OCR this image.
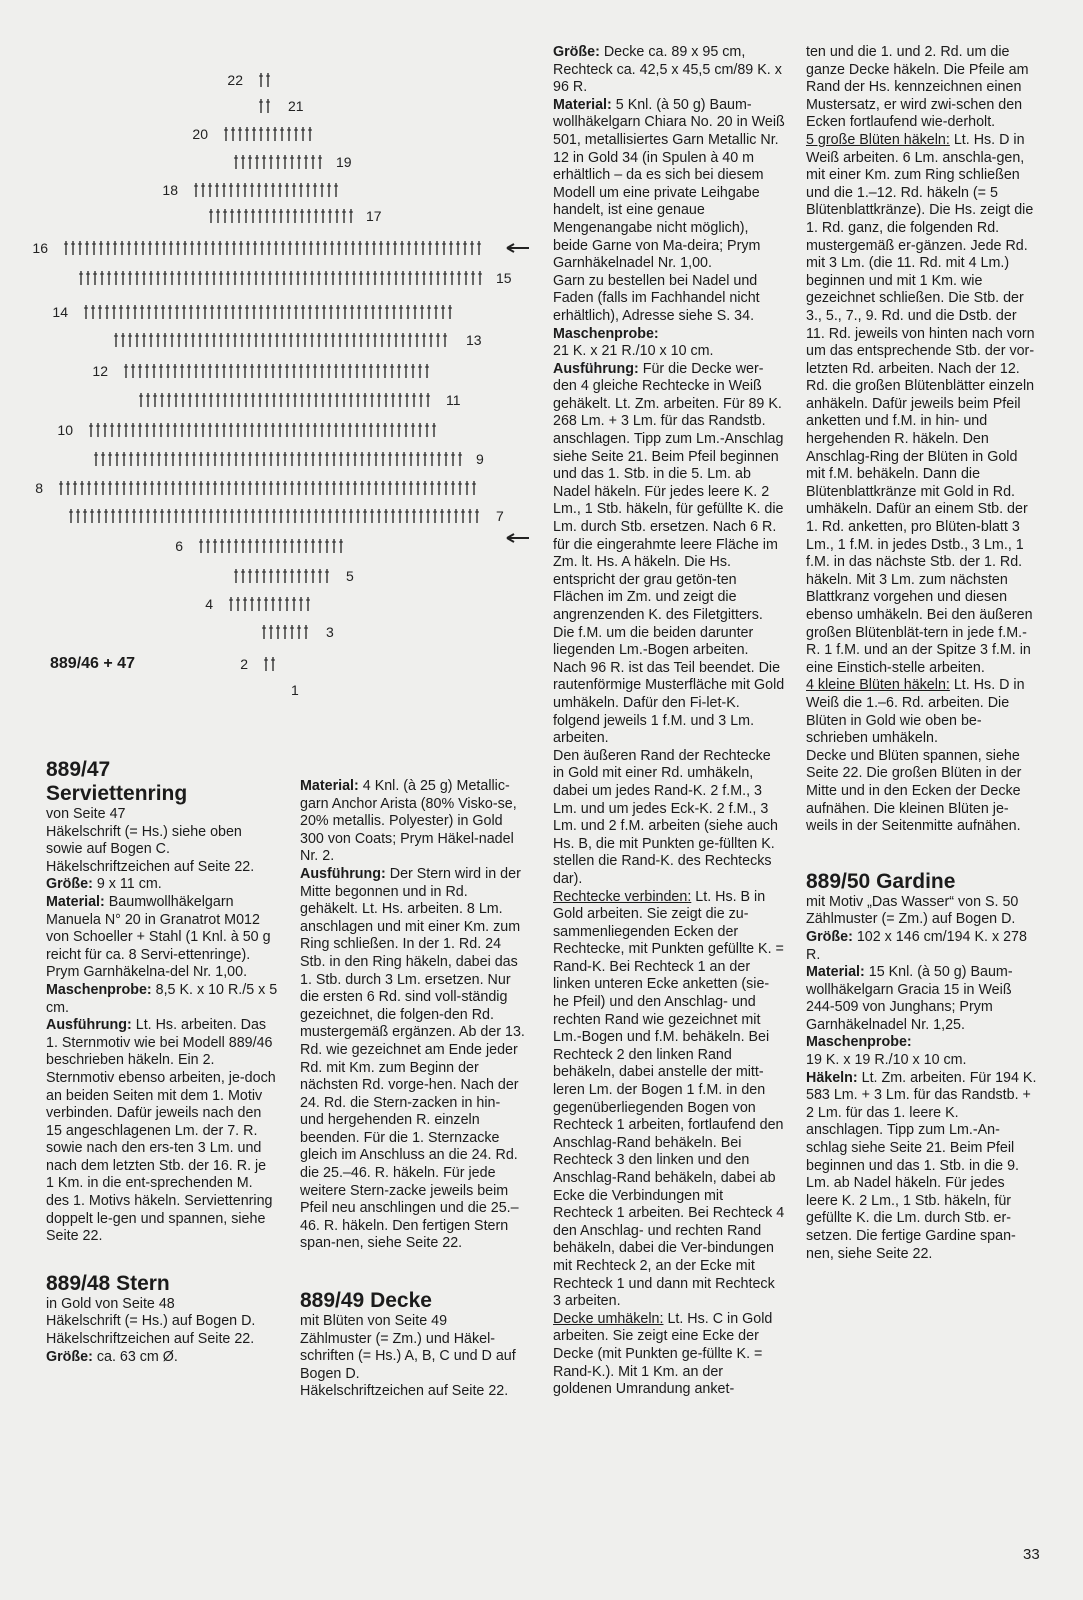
22
21
20
19
18
17
16
15
14
13
12
11
10
9
8
7
6
5
4
3
2
1
889/46 + 47

889/47

Serviettenring

von Seite 47

Häkelschrift (= Hs.) siehe oben

sowie auf Bogen C.

Häkelschriftzeichen auf Seite 22.

Größe: 9 x 11 cm.

Material: Baumwollhäkelgarn Manuela N° 20 in Granatrot M012 von Schoeller + Stahl (1 Knl. à 50 g reicht für ca. 8 Servi-ettenringe). Prym Garnhäkelna-del Nr. 1,00.

Maschenprobe: 8,5 K. x 10 R./5 x 5 cm.

Ausführung: Lt. Hs. arbeiten. Das 1. Sternmotiv wie bei Modell 889/46 beschrieben häkeln. Ein 2. Sternmotiv ebenso arbeiten, je-doch an beiden Seiten mit dem 1. Motiv verbinden. Dafür jeweils nach den 15 angeschlagenen Lm. der 7. R. sowie nach den ers-ten 3 Lm. und nach dem letzten Stb. der 16. R. je 1 Km. in die ent-sprechenden M. des 1. Motivs häkeln. Serviettenring doppelt le-gen und spannen, siehe Seite 22.

889/48 Stern

in Gold von Seite 48

Häkelschrift (= Hs.) auf Bogen D.

Häkelschriftzeichen auf Seite 22.

Größe: ca. 63 cm Ø.

Material: 4 Knl. (à 25 g) Metallic-garn Anchor Arista (80% Visko-se, 20% metallis. Polyester) in Gold 300 von Coats; Prym Häkel-nadel Nr. 2.

Ausführung: Der Stern wird in der Mitte begonnen und in Rd. gehäkelt. Lt. Hs. arbeiten. 8 Lm. anschlagen und mit einer Km. zum Ring schließen. In der 1. Rd. 24 Stb. in den Ring häkeln, dabei das 1. Stb. durch 3 Lm. ersetzen. Nur die ersten 6 Rd. sind voll-ständig gezeichnet, die folgen-den Rd. mustergemäß ergänzen. Ab der 13. Rd. wie gezeichnet am Ende jeder Rd. mit Km. zum Beginn der nächsten Rd. vorge-hen. Nach der 24. Rd. die Stern-zacken in hin- und hergehenden R. einzeln beenden. Für die 1. Sternzacke gleich im Anschluss an die 24. Rd. die 25.–46. R. häkeln. Für jede weitere Stern-zacke jeweils beim Pfeil neu anschlingen und die 25.–46. R. häkeln. Den fertigen Stern span-nen, siehe Seite 22.

889/49 Decke

mit Blüten von Seite 49

Zählmuster (= Zm.) und Häkel-schriften (= Hs.) A, B, C und D auf Bogen D.

Häkelschriftzeichen auf Seite 22.

Größe: Decke ca. 89 x 95 cm, Rechteck ca. 42,5 x 45,5 cm/89 K. x 96 R.

Material: 5 Knl. (à 50 g) Baum-wollhäkelgarn Chiara No. 20 in Weiß 501, metallisiertes Garn Metallic Nr. 12 in Gold 34 (in Spulen à 40 m erhältlich – da es sich bei diesem Modell um eine private Leihgabe handelt, ist eine genaue Mengenangabe nicht möglich), beide Garne von Ma-deira; Prym Garnhäkelnadel Nr. 1,00.

Garn zu bestellen bei Nadel und Faden (falls im Fachhandel nicht erhältlich), Adresse siehe S. 34.

Maschenprobe:

21 K. x 21 R./10 x 10 cm.

Ausführung: Für die Decke wer-den 4 gleiche Rechtecke in Weiß gehäkelt. Lt. Zm. arbeiten. Für 89 K. 268 Lm. + 3 Lm. für das Randstb. anschlagen. Tipp zum Lm.-Anschlag siehe Seite 21. Beim Pfeil beginnen und das 1. Stb. in die 5. Lm. ab Nadel häkeln. Für jedes leere K. 2 Lm., 1 Stb. häkeln, für gefüllte K. die Lm. durch Stb. ersetzen. Nach 6 R. für die eingerahmte leere Fläche im Zm. lt. Hs. A häkeln. Die Hs. entspricht der grau getön-ten Flächen im Zm. und zeigt die angrenzenden K. des Filetgitters. Die f.M. um die beiden darunter liegenden Lm.-Bogen arbeiten. Nach 96 R. ist das Teil beendet. Die rautenförmige Musterfläche mit Gold umhäkeln. Dafür den Fi-let-K. folgend jeweils 1 f.M. und 3 Lm. arbeiten.

Den äußeren Rand der Rechtecke in Gold mit einer Rd. umhäkeln, dabei um jedes Rand-K. 2 f.M., 3 Lm. und um jedes Eck-K. 2 f.M., 3 Lm. und 2 f.M. arbeiten (siehe auch Hs. B, die mit Punkten ge-füllten K. stellen die Rand-K. des Rechtecks dar).

Rechtecke verbinden: Lt. Hs. B in Gold arbeiten. Sie zeigt die zu-sammenliegenden Ecken der Rechtecke, mit Punkten gefüllte K. = Rand-K. Bei Rechteck 1 an der linken unteren Ecke anketten (sie-he Pfeil) und den Anschlag- und rechten Rand wie gezeichnet mit Lm.-Bogen und f.M. behäkeln. Bei Rechteck 2 den linken Rand behäkeln, dabei anstelle der mitt-leren Lm. der Bogen 1 f.M. in den gegenüberliegenden Bogen von Rechteck 1 arbeiten, fortlaufend den Anschlag-Rand behäkeln. Bei Rechteck 3 den linken und den Anschlag-Rand behäkeln, dabei ab Ecke die Verbindungen mit Rechteck 1 arbeiten. Bei Rechteck 4 den Anschlag- und rechten Rand behäkeln, dabei die Ver-bindungen mit Rechteck 2, an der Ecke mit Rechteck 1 und dann mit Rechteck 3 arbeiten.

Decke umhäkeln: Lt. Hs. C in Gold arbeiten. Sie zeigt eine Ecke der Decke (mit Punkten ge-füllte K. = Rand-K.). Mit 1 Km. an der goldenen Umrandung anket-

ten und die 1. und 2. Rd. um die ganze Decke häkeln. Die Pfeile am Rand der Hs. kennzeichnen einen Mustersatz, er wird zwi-schen den Ecken fortlaufend wie-derholt.

5 große Blüten häkeln: Lt. Hs. D in Weiß arbeiten. 6 Lm. anschla-gen, mit einer Km. zum Ring schließen und die 1.–12. Rd. häkeln (= 5 Blütenblattkränze). Die Hs. zeigt die 1. Rd. ganz, die folgenden Rd. mustergemäß er-gänzen. Jede Rd. mit 3 Lm. (die 11. Rd. mit 4 Lm.) beginnen und mit 1 Km. wie gezeichnet schließen. Die Stb. der 3., 5., 7., 9. Rd. und die Dstb. der 11. Rd. jeweils von hinten nach vorn um das entsprechende Stb. der vor-letzten Rd. arbeiten. Nach der 12. Rd. die großen Blütenblätter einzeln anhäkeln. Dafür jeweils beim Pfeil anketten und f.M. in hin- und hergehenden R. häkeln. Den Anschlag-Ring der Blüten in Gold mit f.M. behäkeln. Dann die Blütenblattkränze mit Gold in Rd. umhäkeln. Dafür an einem Stb. der 1. Rd. anketten, pro Blüten-blatt 3 Lm., 1 f.M. in jedes Dstb., 3 Lm., 1 f.M. in das nächste Stb. der 1. Rd. häkeln. Mit 3 Lm. zum nächsten Blattkranz vorgehen und diesen ebenso umhäkeln. Bei den äußeren großen Blütenblät-tern in jede f.M.-R. 1 f.M. und an der Spitze 3 f.M. in eine Einstich-stelle arbeiten.

4 kleine Blüten häkeln: Lt. Hs. D in Weiß die 1.–6. Rd. arbeiten. Die Blüten in Gold wie oben be-schrieben umhäkeln.

Decke und Blüten spannen, siehe Seite 22. Die großen Blüten in der Mitte und in den Ecken der Decke aufnähen. Die kleinen Blüten je-weils in der Seitenmitte aufnähen.

889/50 Gardine

mit Motiv „Das Wasser“ von S. 50

Zählmuster (= Zm.) auf Bogen D.

Größe: 102 x 146 cm/194 K. x 278 R.

Material: 15 Knl. (à 50 g) Baum-wollhäkelgarn Gracia 15 in Weiß 244-509 von Junghans; Prym Garnhäkelnadel Nr. 1,25.

Maschenprobe:

19 K. x 19 R./10 x 10 cm.

Häkeln: Lt. Zm. arbeiten. Für 194 K. 583 Lm. + 3 Lm. für das Randstb. + 2 Lm. für das 1. leere K. anschlagen. Tipp zum Lm.-An-schlag siehe Seite 21. Beim Pfeil beginnen und das 1. Stb. in die 9. Lm. ab Nadel häkeln. Für jedes leere K. 2 Lm., 1 Stb. häkeln, für gefüllte K. die Lm. durch Stb. er-setzen. Die fertige Gardine span-nen, siehe Seite 22.

33
